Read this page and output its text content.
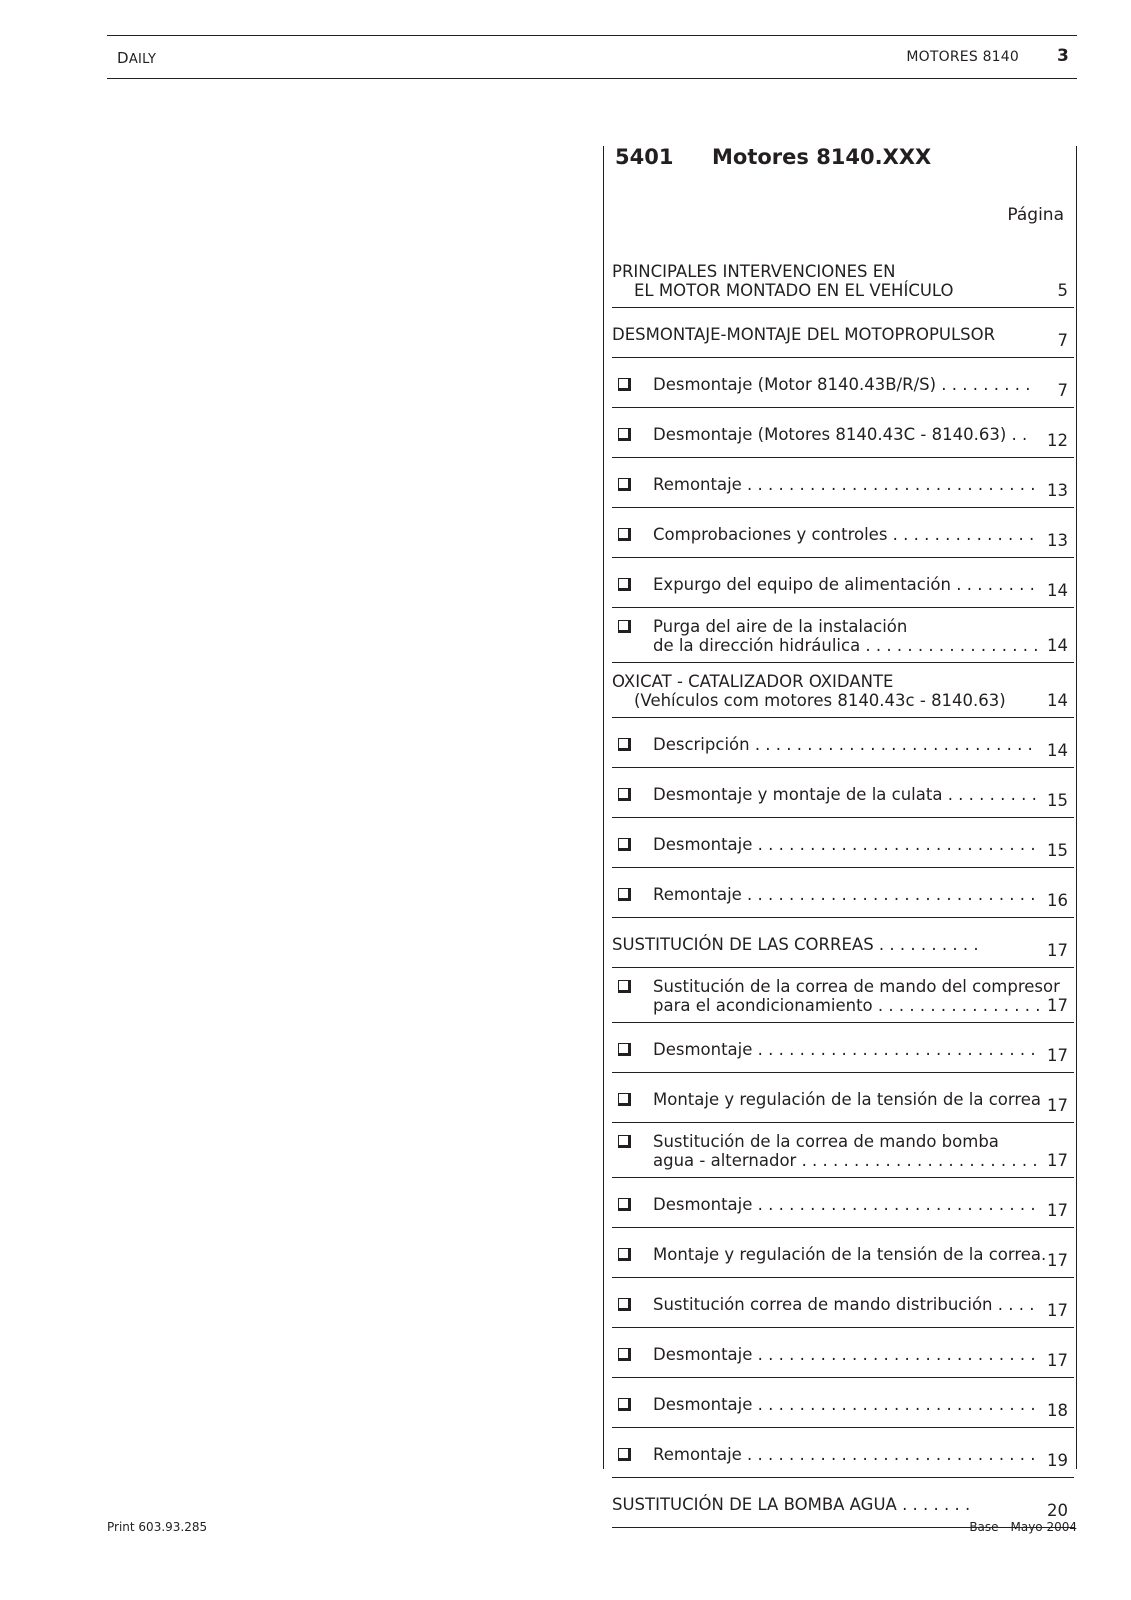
DAILY	MOTORES 8140 3
5401 Motores 8140.XXX
Página
PRINCIPALES INTERVENCIONES EN
EL MOTOR MONTADO EN EL VEHÍCULO	5
DESMONTAJE-MONTAJE DEL MOTOPROPULSOR	7
Desmontaje (Motor 8140.43B/R/S) . . . . . . . . .	7
Desmontaje (Motores 8140.43C - 8140.63) . .	12
Remontaje . . . . . . . . . . . . . . . . . . . . . . . . . . . . 13
Comprobaciones y controles . . . . . . . . . . . . . . 13
Expurgo del equipo de alimentación . . . . . . . . 14
Purga del aire de la instalación
de la dirección hidráulica . . . . . . . . . . . . . . . . . 14
OXICAT - CATALIZADOR OXIDANTE
(Vehículos com motores 8140.43c - 8140.63)	14
Descripción . . . . . . . . . . . . . . . . . . . . . . . . . . . 14
Desmontaje y montaje de la culata . . . . . . . . . 15
Desmontaje . . . . . . . . . . . . . . . . . . . . . . . . . . . 15
Remontaje . . . . . . . . . . . . . . . . . . . . . . . . . . . . 16
SUSTITUCIÓN DE LAS CORREAS . . . . . . . . . .	17
Sustitución de la correa de mando del compresor
para el acondicionamiento . . . . . . . . . . . . . . . . 17
Desmontaje . . . . . . . . . . . . . . . . . . . . . . . . . . . 17
Montaje y regulación de la tensión de la correa 17
Sustitución de la correa de mando bomba
agua - alternador . . . . . . . . . . . . . . . . . . . . . . . 17
Desmontaje . . . . . . . . . . . . . . . . . . . . . . . . . . . 17
Montaje y regulación de la tensión de la correa. 17
Sustitución correa de mando distribución . . . . 17
Desmontaje . . . . . . . . . . . . . . . . . . . . . . . . . . . 17
Desmontaje . . . . . . . . . . . . . . . . . . . . . . . . . . . 18
Remontaje . . . . . . . . . . . . . . . . . . . . . . . . . . . . 19
SUSTITUCIÓN DE LA BOMBA AGUA . . . . . . .	20
Print 603.93.285	Base - Mayo 2004
